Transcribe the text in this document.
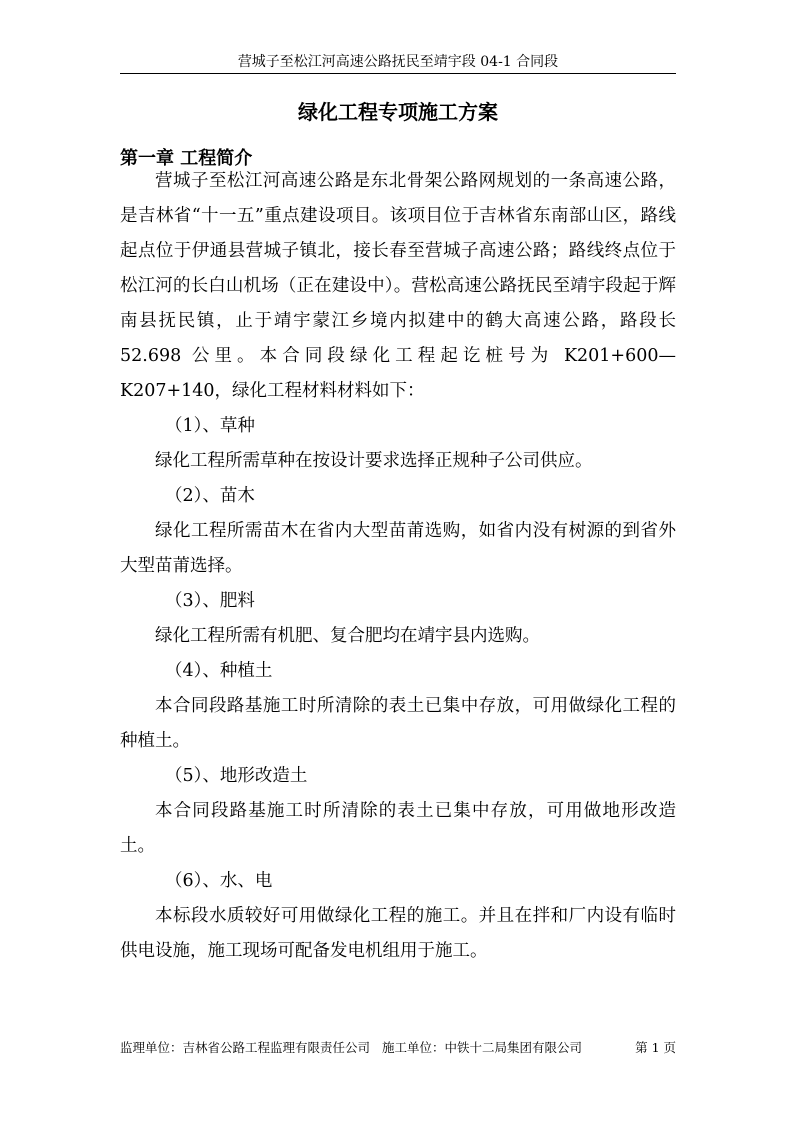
营城子至松江河高速公路抚民至靖宇段 04-1 合同段
绿化工程专项施工方案
第一章 工程简介

营城子至松江河高速公路是东北骨架公路网规划的一条高速公路，是吉林省“十一五”重点建设项目。该项目位于吉林省东南部山区，路线起点位于伊通县营城子镇北，接长春至营城子高速公路；路线终点位于松江河的长白山机场（正在建设中）。营松高速公路抚民至靖宇段起于辉南县抚民镇，止于靖宇蒙江乡境内拟建中的鹤大高速公路，路段长 52.698 公里。本合同段绿化工程起讫桩号为 K201+600—K207+140，绿化工程材料材料如下：

（1）、草种

绿化工程所需草种在按设计要求选择正规种子公司供应。

（2）、苗木

绿化工程所需苗木在省内大型苗莆选购，如省内没有树源的到省外大型苗莆选择。

（3）、肥料

绿化工程所需有机肥、复合肥均在靖宇县内选购。

（4）、种植土

本合同段路基施工时所清除的表土已集中存放，可用做绿化工程的种植土。

（5）、地形改造土

本合同段路基施工时所清除的表土已集中存放，可用做地形改造土。

（6）、水、电

本标段水质较好可用做绿化工程的施工。并且在拌和厂内设有临时供电设施，施工现场可配备发电机组用于施工。

监理单位：吉林省公路工程监理有限责任公司 施工单位：中铁十二局集团有限公司	第 1 页
